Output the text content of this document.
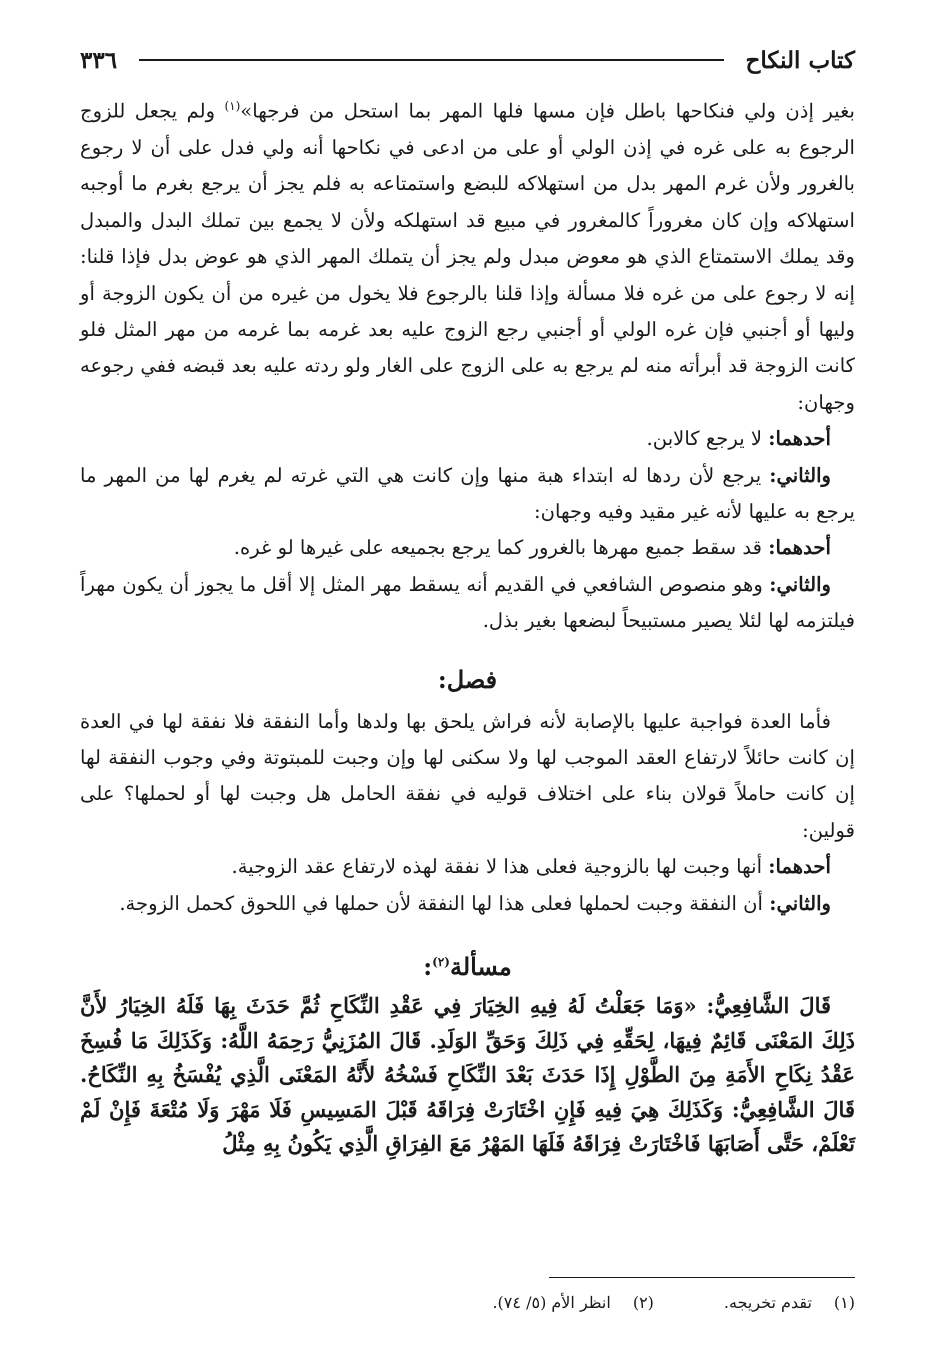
كتاب النكاح
٣٣٦

بغير إذن ولي فنكاحها باطل فإن مسها فلها المهر بما استحل من فرجها»$^{(١)}$ ولم يجعل للزوج الرجوع به على غره في إذن الولي أو على من ادعى في نكاحها أنه ولي فدل على أن لا رجوع بالغرور ولأن غرم المهر بدل من استهلاكه للبضع واستمتاعه به فلم يجز أن يرجع بغرم ما أوجبه استهلاكه وإن كان مغروراً كالمغرور في مبيع قد استهلكه ولأن لا يجمع بين تملك البدل والمبدل وقد يملك الاستمتاع الذي هو معوض مبدل ولم يجز أن يتملك المهر الذي هو عوض بدل فإذا قلنا: إنه لا رجوع على من غره فلا مسألة وإذا قلنا بالرجوع فلا يخول من غيره من أن يكون الزوجة أو وليها أو أجنبي فإن غره الولي أو أجنبي رجع الزوج عليه بعد غرمه بما غرمه من مهر المثل فلو كانت الزوجة قد أبرأته منه لم يرجع به على الزوج على الغار ولو ردته عليه بعد قبضه ففي رجوعه وجهان:

أحدهما: لا يرجع كالابن.

والثاني: يرجع لأن ردها له ابتداء هبة منها وإن كانت هي التي غرته لم يغرم لها من المهر ما يرجع به عليها لأنه غير مقيد وفيه وجهان:

أحدهما: قد سقط جميع مهرها بالغرور كما يرجع بجميعه على غيرها لو غره.

والثاني: وهو منصوص الشافعي في القديم أنه يسقط مهر المثل إلا أقل ما يجوز أن يكون مهراً فيلتزمه لها لئلا يصير مستبيحاً لبضعها بغير بذل.

فصل:

فأما العدة فواجبة عليها بالإصابة لأنه فراش يلحق بها ولدها وأما النفقة فلا نفقة لها في العدة إن كانت حائلاً لارتفاع العقد الموجب لها ولا سكنى لها وإن وجبت للمبتوتة وفي وجوب النفقة لها إن كانت حاملاً قولان بناء على اختلاف قوليه في نفقة الحامل هل وجبت لها أو لحملها؟ على قولين:

أحدهما: أنها وجبت لها بالزوجية فعلى هذا لا نفقة لهذه لارتفاع عقد الزوجية.

والثاني: أن النفقة وجبت لحملها فعلى هذا لها النفقة لأن حملها في اللحوق كحمل الزوجة.

مسألة$^{(٢)}$:

قَالَ الشَّافِعِيُّ: «وَمَا جَعَلْتُ لَهُ فِيهِ الخِيَارَ فِي عَقْدِ النِّكَاحِ ثُمَّ حَدَثَ بِهَا فَلَهُ الخِيَارُ لأَنَّ ذَلِكَ المَعْنَى قَائِمٌ فِيهَا، لِحَقِّهِ فِي ذَلِكَ وَحَقِّ الوَلَدِ. قَالَ المُزَنِيُّ رَحِمَهُ اللَّهُ: وَكَذَلِكَ مَا فُسِخَ عَقْدُ نِكَاحِ الأَمَةِ مِنَ الطَّوْلِ إِذَا حَدَثَ بَعْدَ النِّكَاحِ فَسْخُهُ لأَنَّهُ المَعْنَى الَّذِي يُفْسَخُ بِهِ النِّكَاحُ. قَالَ الشَّافِعِيُّ: وَكَذَلِكَ هِيَ فِيهِ فَإِنِ اخْتَارَتْ فِرَاقَهُ قَبْلَ المَسِيسِ فَلَا مَهْرَ وَلَا مُتْعَةَ فَإِنْ لَمْ تَعْلَمْ، حَتَّى أَصَابَهَا فَاخْتَارَتْ فِرَاقَهُ فَلَهَا المَهْرُ مَعَ الفِرَاقِ الَّذِي يَكُونُ بِهِ مِثْلُ

(١)تقدم تخريجه.
(٢)انظر الأم (٥/ ٧٤).
